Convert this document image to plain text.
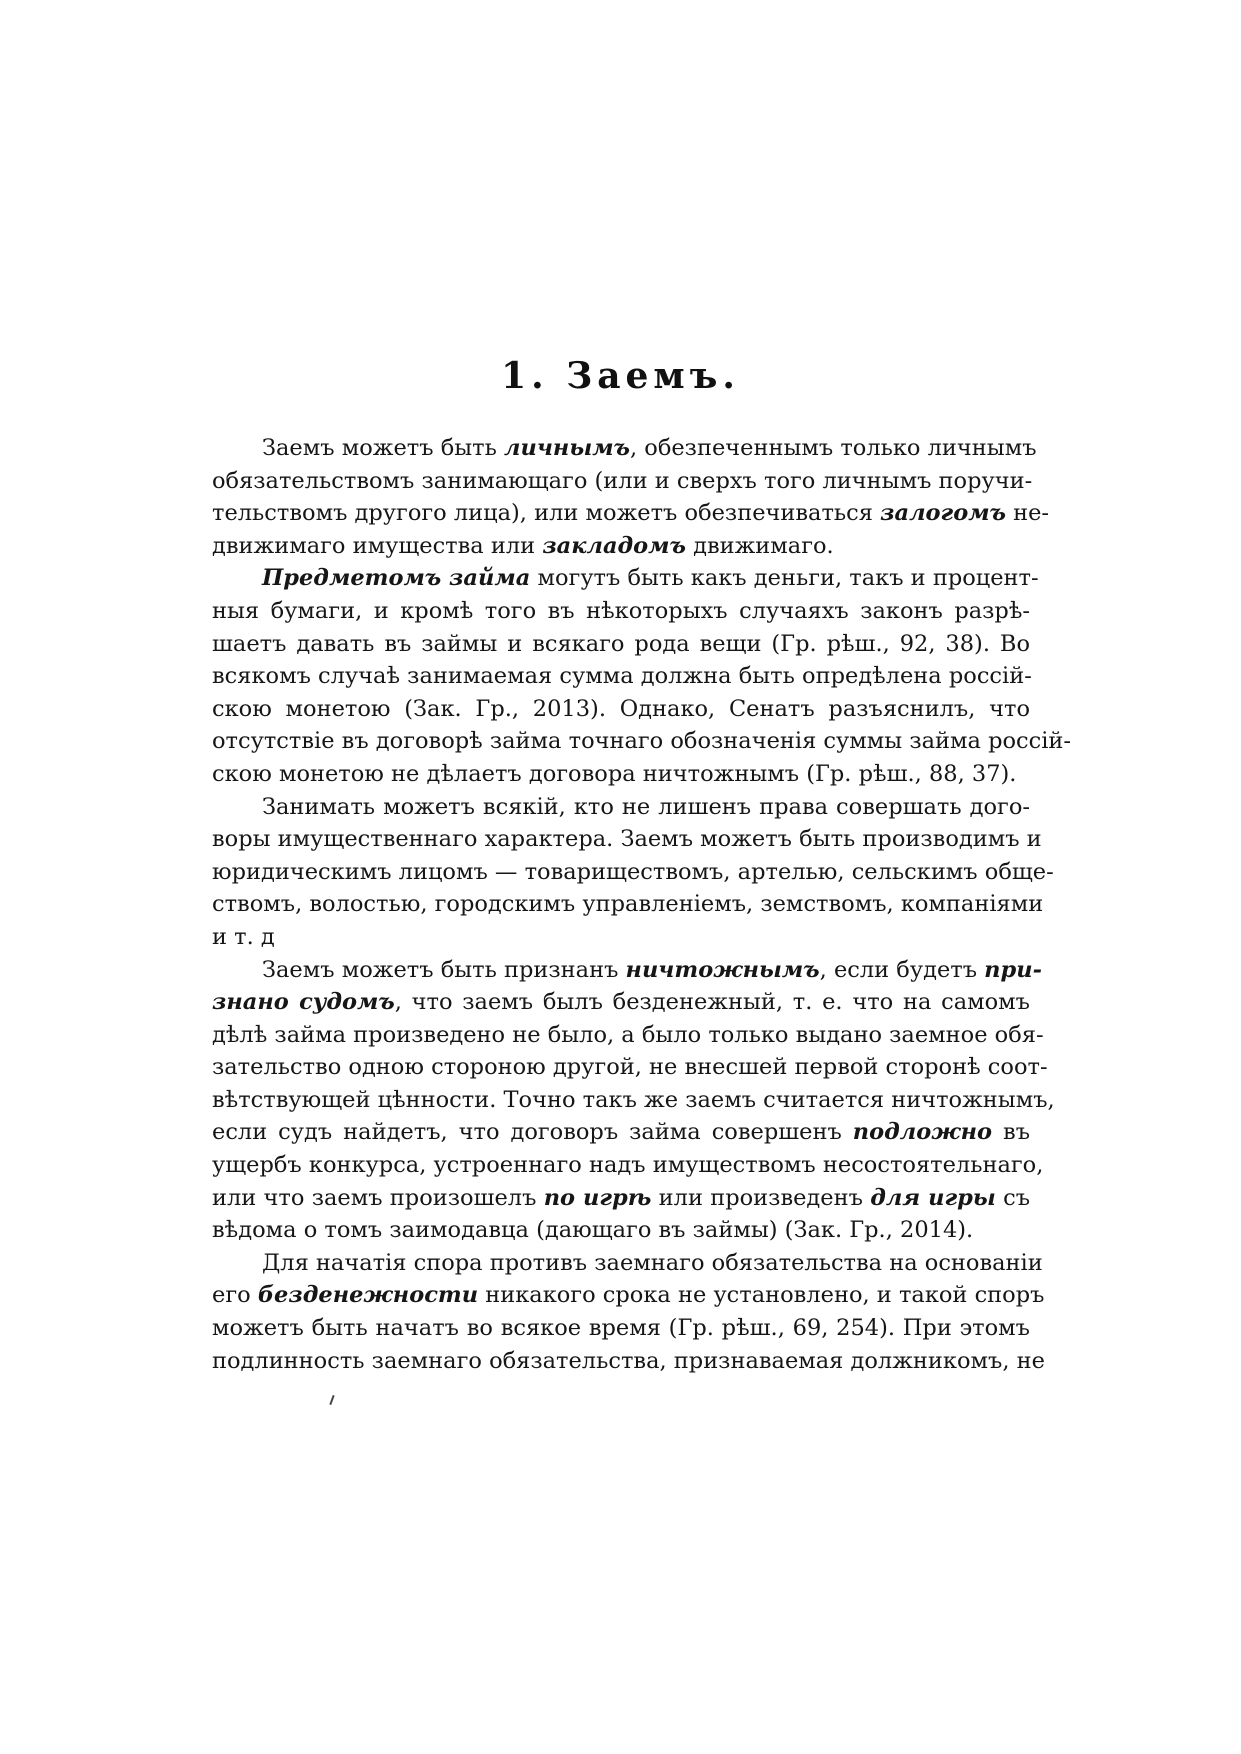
1. Заемъ.
Заемъ можетъ быть личнымъ, обезпеченнымъ только личнымъ
обязательствомъ занимающаго (или и сверхъ того личнымъ поручи-
тельствомъ другого лица), или можетъ обезпечиваться залогомъ не-
движимаго имущества или закладомъ движимаго.
Предметомъ займа могутъ быть какъ деньги, такъ и процент-
ныя бумаги, и кромѣ того въ нѣкоторыхъ случаяхъ законъ разрѣ-
шаетъ давать въ займы и всякаго рода вещи (Гр. рѣш., 92, 38). Во
всякомъ случаѣ занимаемая сумма должна быть опредѣлена россій-
скою монетою (Зак. Гр., 2013). Однако, Сенатъ разъяснилъ, что
отсутствіе въ договорѣ займа точнаго обозначенія суммы займа россій-
скою монетою не дѣлаетъ договора ничтожнымъ (Гр. рѣш., 88, 37).
Занимать можетъ всякій, кто не лишенъ права совершать дого-
воры имущественнаго характера. Заемъ можетъ быть производимъ и
юридическимъ лицомъ — товариществомъ, артелью, сельскимъ обще-
ствомъ, волостью, городскимъ управленіемъ, земствомъ, компаніями
и т. д
Заемъ можетъ быть признанъ ничтожнымъ, если будетъ при-
знано судомъ, что заемъ былъ безденежный, т. е. что на самомъ
дѣлѣ займа произведено не было, а было только выдано заемное обя-
зательство одною стороною другой, не внесшей первой сторонѣ соот-
вѣтствующей цѣнности. Точно такъ же заемъ считается ничтожнымъ,
если судъ найдетъ, что договоръ займа совершенъ подложно въ
ущербъ конкурса, устроеннаго надъ имуществомъ несостоятельнаго,
или что заемъ произошелъ по игрѣ или произведенъ для игры съ
вѣдома о томъ заимодавца (дающаго въ займы) (Зак. Гр., 2014).
Для начатія спора противъ заемнаго обязательства на основаніи
его безденежности никакого срока не установлено, и такой споръ
можетъ быть начатъ во всякое время (Гр. рѣш., 69, 254). При этомъ
подлинность заемнаго обязательства, признаваемая должникомъ, не
